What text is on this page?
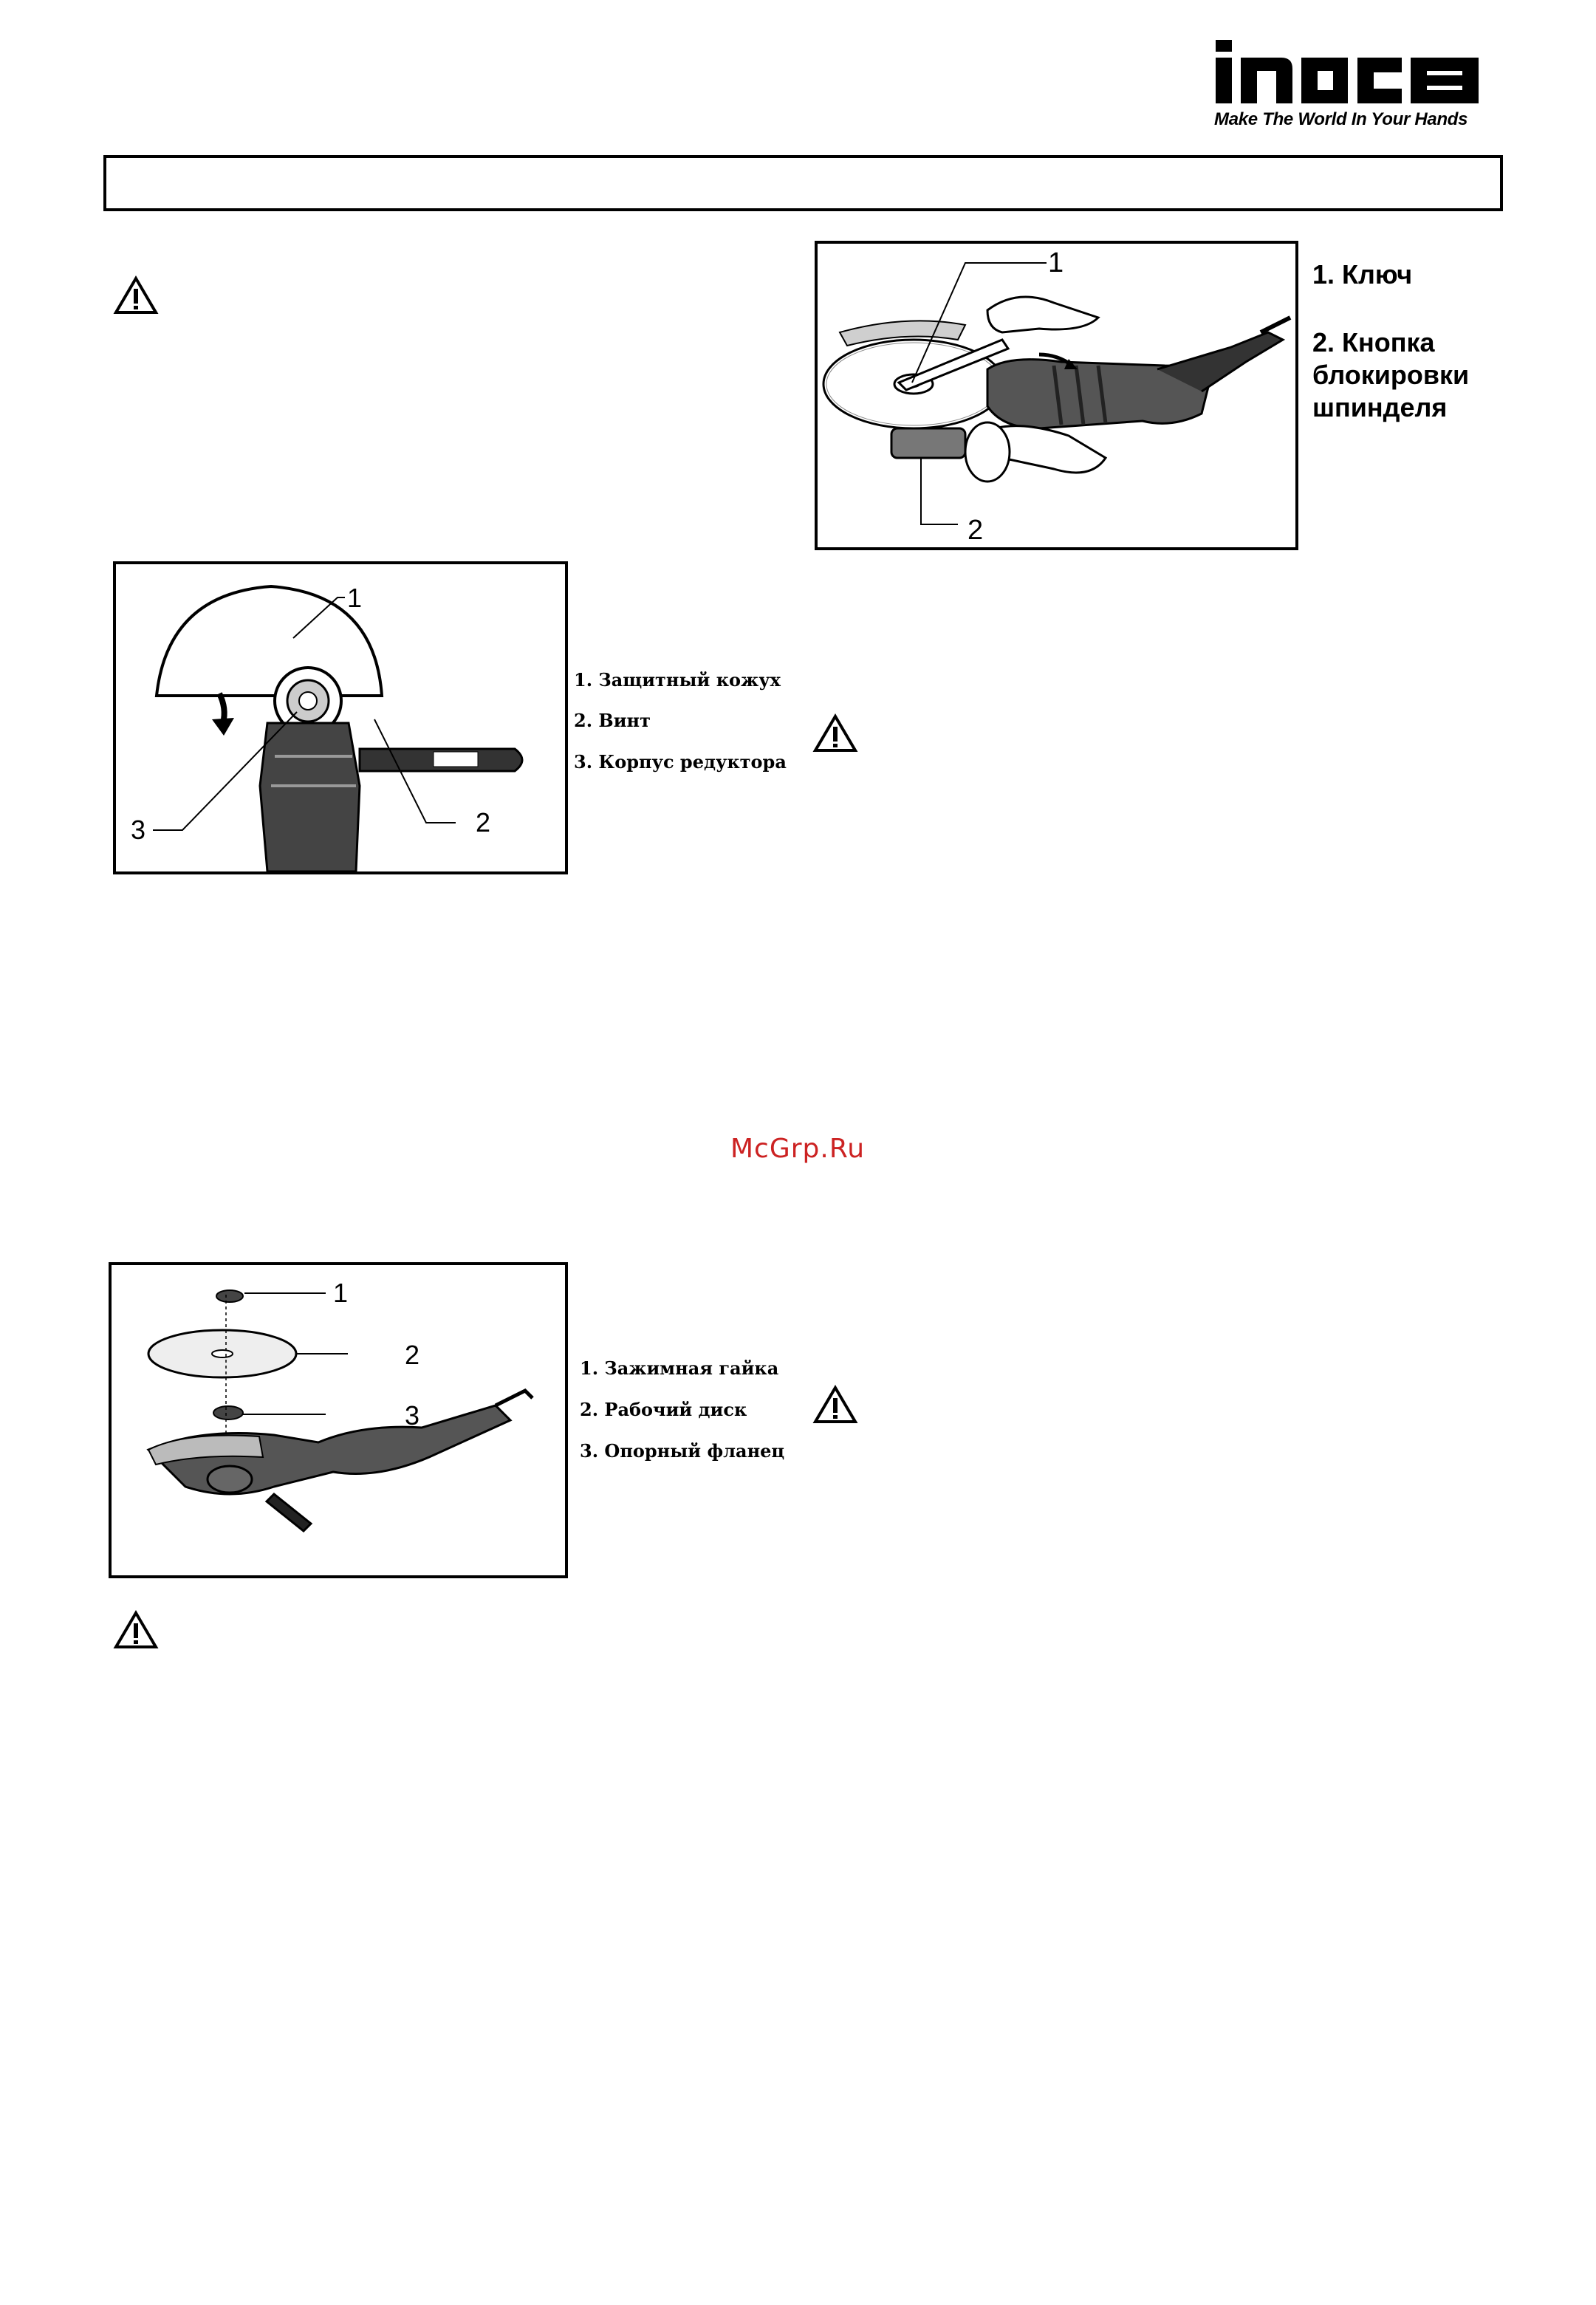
Make The World In Your Hands
1
2
1. Ключ
2. Кнопка блокировки шпинделя
1
3	2
1. Защитный кожух
2. Винт
3. Корпус редуктора
McGrp.Ru
1
2
3
1. Зажимная гайка
2. Рабочий диск
3. Опорный фланец
